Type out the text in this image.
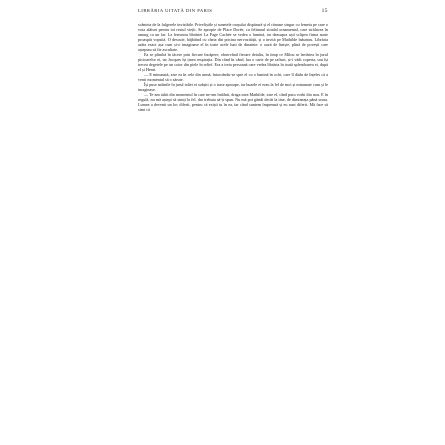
LIBRĂRIA UITATĂ DIN PARIS	15

scânteia de la fulgerele invizibile. Priveliștile și sunetele orașului dispărură și el rămase singur cu femeia pe care o voia alături pentru tot restul vieții. Se apropie de Place Dorée, cu felinarul stradal ornamental, care strălucea în amurg ca un far. La fereastra librăriei La Page Cachée se vedea o lumină, iar deasupra ușii sclipea firma aurie proaspăt vopsită. O descuie, bâjbâind cu cheia din pricina nervozității, și o invită pe Mathilde înăuntru. Librăria arăta exact așa cum și-o imaginase el în toate acele luni de dinainte: o oază de liniște, plină de povești care așteptau să fie ascultate.

Ea se plimbă în tăcere prin fiecare încăpere, observând fiecare detaliu, în timp ce Milou se învârtea în jurul picioarelor ei, iar Jacques își ținea respirația. Din când în când, lua o carte de pe rafturi, și-i vădi coperta, sau își trecea degetele pe un cotor din piele în relief. Era a treia persoană care vedea librăria în toată splendoarea ei, după el și Henri.

— E minunată, zise ea în cele din urmă, întorcându-se spre el cu o lumină în ochi, care îl dădu de înțeles că a venit momentul să o sărute.

Își puse mâinile în jurul taliei ei subțiri și o trase aproape, iar buzele ei erau la fel de moi și minunate cum și le imaginase.

— Te-am iubit din momentul în care ne-am întâlnit, draga mea Mathilde, zise el, când putu vorbi din nou. E în regulă, nu mă aștept să simți la fel, dar trebuia să-ți spun. Nu mă pot gândi decât la tine, de dimineața până seara. Lumea a devenit un loc diferit, pentru că exiști tu în ea, iar când suntem împreună și eu sunt diferit. Mă face să simt că
